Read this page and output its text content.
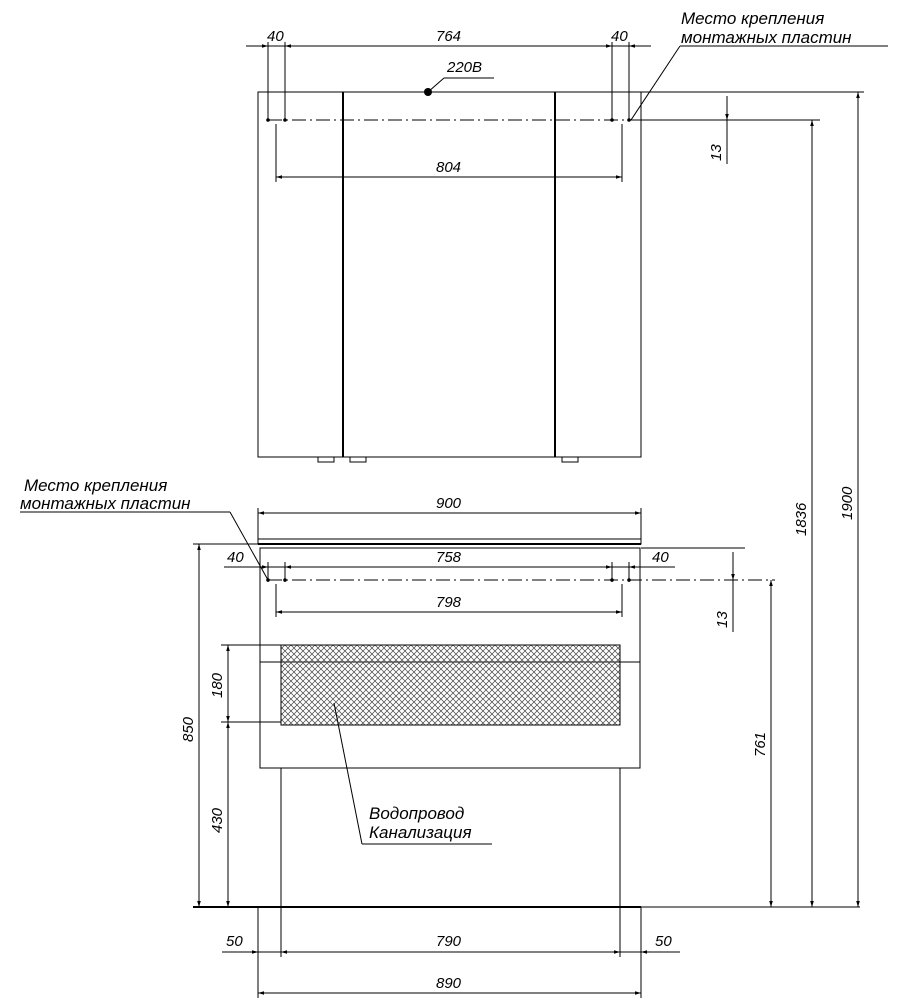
220В
40	764	40
804
13
Место крепления
монтажных пластин
900
40	758	40
798
13
Место крепления
монтажных пластин
850
180
430
761
Водопровод
Канализация
50	790	50
890
1836 1900
